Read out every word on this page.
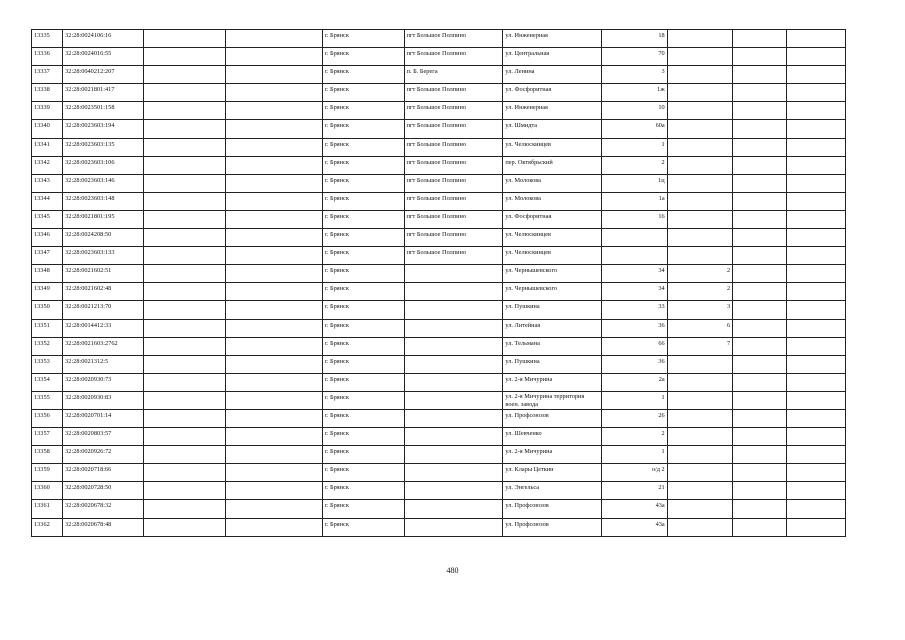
13335	32:28:0024106:16			г. Брянск	пгт Большое Полпино	ул. Инженерная	18			
13336	32:28:0024016:55			г. Брянск	пгт Большое Полпино	ул. Центральная	70			
13337	32:28:0040212:207			г. Брянск	п. Б. Берега	ул. Ленина	3			
13338	32:28:0021801:417			г. Брянск	пгт Большое Полпино	ул. Фосфоритная	1ж			
13339	32:28:0023501:158			г. Брянск	пгт Большое Полпино	ул. Инженерная	10			
13340	32:28:0023603:194			г. Брянск	пгт Большое Полпино	ул. Шмидта	60а			
13341	32:28:0023603:135			г. Брянск	пгт Большое Полпино	ул. Челюскинцев	1			
13342	32:28:0023603:106			г. Брянск	пгт Большое Полпино	пер. Октябрьский	2			
13343	32:28:0023603:146			г. Брянск	пгт Большое Полпино	ул. Молокова	1ц			
13344	32:28:0023603:148			г. Брянск	пгт Большое Полпино	ул. Молокова	1а			
13345	32:28:0021801:195			г. Брянск	пгт Большое Полпино	ул. Фосфоритная	16			
13346	32:28:0024208:50			г. Брянск	пгт Большое Полпино	ул. Челюскинцев				
13347	32:28:0023603:133			г. Брянск	пгт Большое Полпино	ул. Челюскинцев				
13348	32:28:0021602:51			г. Брянск		ул. Чернышевского	34	2		
13349	32:28:0021602:48			г. Брянск		ул. Чернышевского	34	2		
13350	32:28:0021213:70			г. Брянск		ул. Пушкина	33	3		
13351	32:28:0014412:33			г. Брянск		ул. Литейная	36	6		
13352	32:28:0021603:2762			г. Брянск		ул. Тельмана	66	7		
13353	32:28:0021312:5			г. Брянск		ул. Пушкина	36			
13354	32:28:0020930:73			г. Брянск		ул. 2-я Мичурина	2а			
13355	32:28:0020930:83			г. Брянск		ул. 2-я Мичурина территория воен. завода	1			
13356	32:28:0020701:14			г. Брянск		ул. Профсоюзов	26			
13357	32:28:0020803:57			г. Брянск		ул. Шевченко	2			
13358	32:28:0020926:72			г. Брянск		ул. 2-я Мичурина	1			
13359	32:28:0020718:66			г. Брянск		ул. Клары Цеткин	о/д 2			
13360	32:28:0020728:50			г. Брянск		ул. Энгельса	21			
13361	32:28:0020678:32			г. Брянск		ул. Профсоюзов	43а			
13362	32:28:0020678:48			г. Брянск		ул. Профсоюзов	43а			
480
